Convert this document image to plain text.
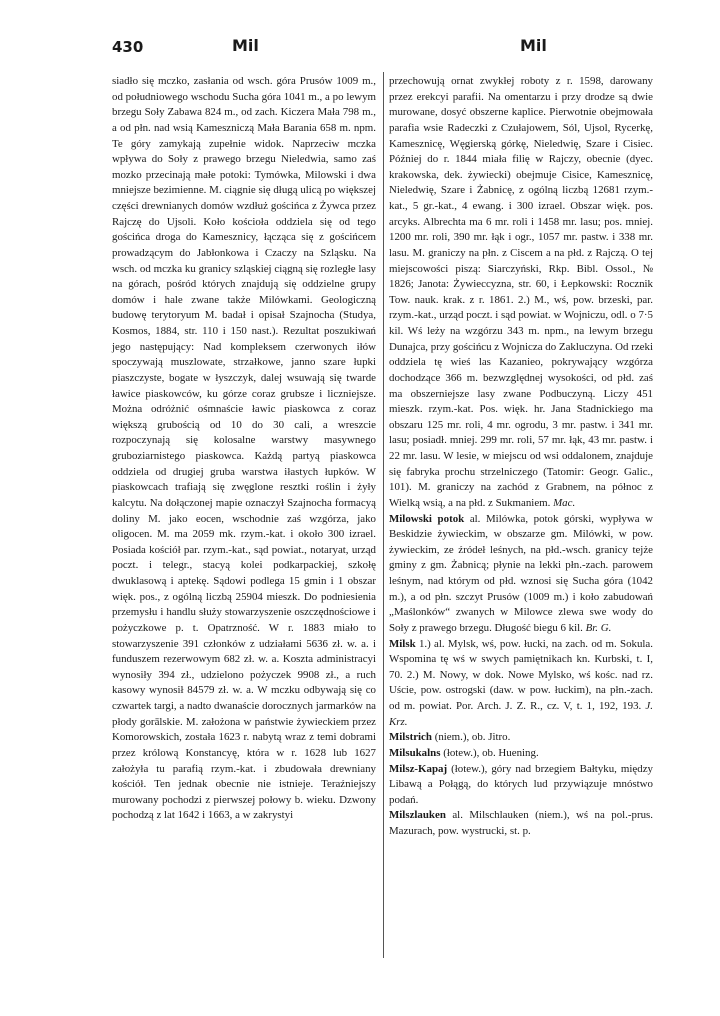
430	Mil	Mil

siadło się mczko, zasłania od wsch. góra Prusów 1009 m., od południowego wschodu Sucha góra 1041 m., a po lewym brzegu Soły Zabawa 824 m., od zach. Kiczera Mała 798 m., a od płn. nad wsią Kameszniczą Mała Barania 658 m. npm. Te góry zamykają zupełnie widok. Naprzeciw mczka wpływa do Soły z prawego brzegu Nieledwia, samo zaś mozko przecinają małe potoki: Tymówka, Milowski i dwa mniejsze bezimienne. M. ciągnie się długą ulicą po większej części drewnianych domów wzdłuż gościńca z Żywca przez Rajczę do Ujsoli. Koło kościoła oddziela się od tego gościńca droga do Kamesznicy, łącząca się z gościńcem prowadzącym do Jabłonkowa i Czaczy na Szląsku. Na wsch. od mczka ku granicy szląskiej ciągną się rozległe lasy na górach, pośród których znajdują się oddzielne grupy domów i hale zwane także Milówkami. Geologiczną budowę terytoryum M. badał i opisał Szajnocha (Studya, Kosmos, 1884, str. 110 i 150 nast.). Rezultat poszukiwań jego następujący: Nad kompleksem czerwonych iłów spoczywają muszlowate, strzałkowe, janno szare łupki piaszczyste, bogate w łyszczyk, dalej wsuwają się twarde ławice piaskowców, ku górze coraz grubsze i liczniejsze. Można odróżnić ośmnaście ławic piaskowca z coraz większą grubością od 10 do 30 cali, a wreszcie rozpoczynają się kolosalne warstwy masywnego gruboziarnistego piaskowca. Każdą partyą piaskowca oddziela od drugiej gruba warstwa iłastych łupków. W piaskowcach trafiają się zwęglone resztki roślin i żyły kalcytu. Na dołączonej mapie oznaczył Szajnocha formacyą doliny M. jako eocen, wschodnie zaś wzgórza, jako oligocen. M. ma 2059 mk. rzym.-kat. i około 300 izrael. Posiada kościół par. rzym.-kat., sąd powiat., notaryat, urząd poczt. i telegr., stacyą kolei podkarpackiej, szkołę dwuklasową i aptekę. Sądowi podlega 15 gmin i 1 obszar więk. pos., z ogólną liczbą 25904 mieszk. Do podniesienia przemysłu i handlu służy stowarzyszenie oszczędnościowe i pożyczkowe p. t. Opatrzność. W r. 1883 miało to stowarzyszenie 391 członków z udziałami 5636 zł. w. a. i funduszem rezerwowym 682 zł. w. a. Koszta administracyi wynosiły 394 zł., udzielono pożyczek 9908 zł., a ruch kasowy wynosił 84579 zł. w. a. W mczku odbywają się co czwartek targi, a nadto dwanaście dorocznych jarmarków na płody gorālskie. M. założona w państwie żywieckiem przez Komorowskich, została 1623 r. nabytą wraz z temi dobrami przez królową Konstancyę, która w r. 1628 lub 1627 założyła tu parafią rzym.-kat. i zbudowała drewniany kościół. Ten jednak obecnie nie istnieje. Teraźniejszy murowany pochodzi z pierwszej połowy b. wieku. Dzwony pochodzą z lat 1642 i 1663, a w zakrystyi

przechowują ornat zwykłej roboty z r. 1598, darowany przez erekcyi parafii. Na omentarzu i przy drodze są dwie murowane, dosyć obszerne kaplice. Pierwotnie obejmowała parafia wsie Radeczki z Czułajowem, Sól, Ujsol, Rycerkę, Kamesznicę, Węgierską górkę, Nieledwię, Szare i Cisiec. Później do r. 1844 miała filię w Rajczy, obecnie (dyec. krakowska, dek. żywiecki) obejmuje Cisice, Kamesznicę, Nieledwię, Szare i Żabnicę, z ogólną liczbą 12681 rzym.-kat., 5 gr.-kat., 4 ewang. i 300 izrael. Obszar więk. pos. arcyks. Albrechta ma 6 mr. roli i 1458 mr. lasu; pos. mniej. 1200 mr. roli, 390 mr. łąk i ogr., 1057 mr. pastw. i 338 mr. lasu. M. graniczy na płn. z Ciscem a na płd. z Rajczą. O tej miejscowości piszą: Siarczyński, Rkp. Bibl. Ossol., № 1826; Janota: Żywieccyzna, str. 60, i Łepkowski: Rocznik Tow. nauk. krak. z r. 1861. 2.) M., wś, pow. brzeski, par. rzym.-kat., urząd poczt. i sąd powiat. w Wojniczu, odl. o 7·5 kil. Wś leży na wzgórzu 343 m. npm., na lewym brzegu Dunajca, przy gościńcu z Wojnicza do Zakluczyna. Od rzeki oddziela tę wieś las Kazanieo, pokrywający wzgórza dochodzące 366 m. bezwzględnej wysokości, od płd. zaś ma obszerniejsze lasy zwane Podbuczyną. Liczy 451 mieszk. rzym.-kat. Pos. więk. hr. Jana Stadnickiego ma obszaru 125 mr. roli, 4 mr. ogrodu, 3 mr. pastw. i 341 mr. lasu; posiadł. mniej. 299 mr. roli, 57 mr. łąk, 43 mr. pastw. i 22 mr. lasu. W lesie, w miejscu od wsi oddalonem, znajduje się fabryka prochu strzelniczego (Tatomir: Geogr. Galic., 101). M. graniczy na zachód z Grabnem, na północ z Wielką wsią, a na płd. z Sukmaniem. Mac.

Milowski potok al. Milówka, potok górski, wypływa w Beskidzie żywieckim, w obszarze gm. Milówki, w pow. żywieckim, ze źródeł leśnych, na płd.-wsch. granicy tejże gminy z gm. Żabnicą; płynie na lekki płn.-zach. parowem leśnym, nad którym od płd. wznosi się Sucha góra (1042 m.), a od płn. szczyt Prusów (1009 m.) i koło zabudowań „Maślonków“ zwanych w Milowce zlewa swe wody do Soły z prawego brzegu. Długość biegu 6 kil. Br. G.

Milsk 1.) al. Mylsk, wś, pow. łucki, na zach. od m. Sokula. Wspomina tę wś w swych pamiętnikach kn. Kurbski, t. I, 70. 2.) M. Nowy, w dok. Nowe Mylsko, wś kośc. nad rz. Uście, pow. ostrogski (daw. w pow. łuckim), na płn.-zach. od m. powiat. Por. Arch. J. Z. R., cz. V, t. 1, 192, 193. J. Krz.

Milstrich (niem.), ob. Jitro.

Milsukalns (łotew.), ob. Huening.

Milsz-Kapaj (łotew.), góry nad brzegiem Bałtyku, między Libawą a Połągą, do których lud przywiązuje mnóstwo podań.

Milszlauken al. Milschlauken (niem.), wś na pol.-prus. Mazurach, pow. wystrucki, st. p.
